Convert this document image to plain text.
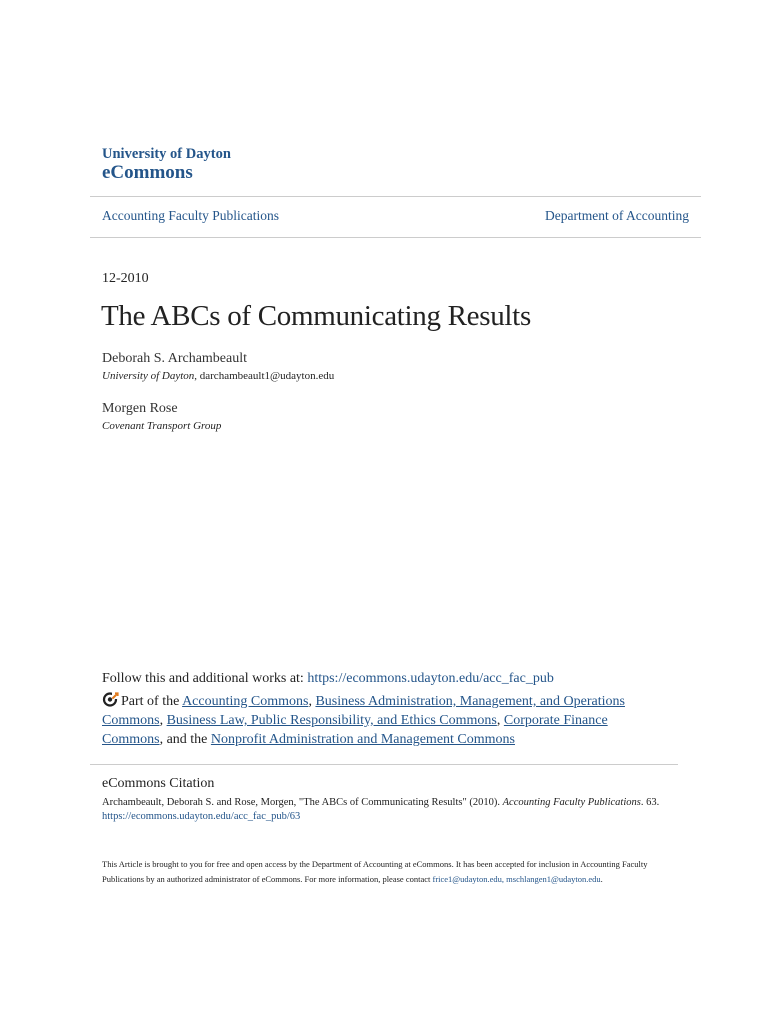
University of Dayton
eCommons
Accounting Faculty Publications	Department of Accounting
12-2010
The ABCs of Communicating Results
Deborah S. Archambeault
University of Dayton, darchambeault1@udayton.edu
Morgen Rose
Covenant Transport Group
Follow this and additional works at: https://ecommons.udayton.edu/acc_fac_pub
Part of the Accounting Commons, Business Administration, Management, and Operations Commons, Business Law, Public Responsibility, and Ethics Commons, Corporate Finance Commons, and the Nonprofit Administration and Management Commons
eCommons Citation
Archambeault, Deborah S. and Rose, Morgen, "The ABCs of Communicating Results" (2010). Accounting Faculty Publications. 63.
https://ecommons.udayton.edu/acc_fac_pub/63
This Article is brought to you for free and open access by the Department of Accounting at eCommons. It has been accepted for inclusion in Accounting Faculty Publications by an authorized administrator of eCommons. For more information, please contact frice1@udayton.edu, mschlangen1@udayton.edu.
